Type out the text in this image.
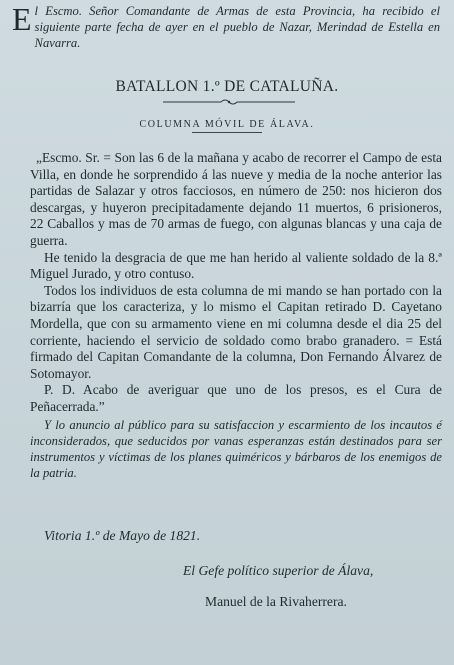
El Escmo. Señor Comandante de Armas de esta Provincia, ha recibido el siguiente parte fecha de ayer en el pueblo de Nazar, Merindad de Estella en Navarra.
BATALLON 1.º DE CATALUÑA.
COLUMNA MÓVIL DE ÁLAVA.

„Escmo. Sr. = Son las 6 de la mañana y acabo de recorrer el Campo de esta Villa, en donde he sorprendido á las nueve y media de la noche anterior las partidas de Salazar y otros facciosos, en número de 250: nos hicieron dos descargas, y huyeron precipitadamente dejando 11 muertos, 6 prisioneros, 22 Caballos y mas de 70 armas de fuego, con algunas blancas y una caja de guerra.

He tenido la desgracia de que me han herido al valiente soldado de la 8.ª Miguel Jurado, y otro contuso.

Todos los individuos de esta columna de mi mando se han portado con la bizarría que los caracteriza, y lo mismo el Capitan retirado D. Cayetano Mordella, que con su armamento viene en mi columna desde el dia 25 del corriente, haciendo el servicio de soldado como brabo granadero. = Está firmado del Capitan Comandante de la columna, Don Fernando Álvarez de Sotomayor.

P. D. Acabo de averiguar que uno de los presos, es el Cura de Peñacerrada.”

Y lo anuncio al público para su satisfaccion y escarmiento de los incautos é inconsiderados, que seducidos por vanas esperanzas están destinados para ser instrumentos y víctimas de los planes quiméricos y bárbaros de los enemigos de la patria.

Vitoria 1.º de Mayo de 1821.
El Gefe político superior de Álava,
Manuel de la Rivaherrera.
